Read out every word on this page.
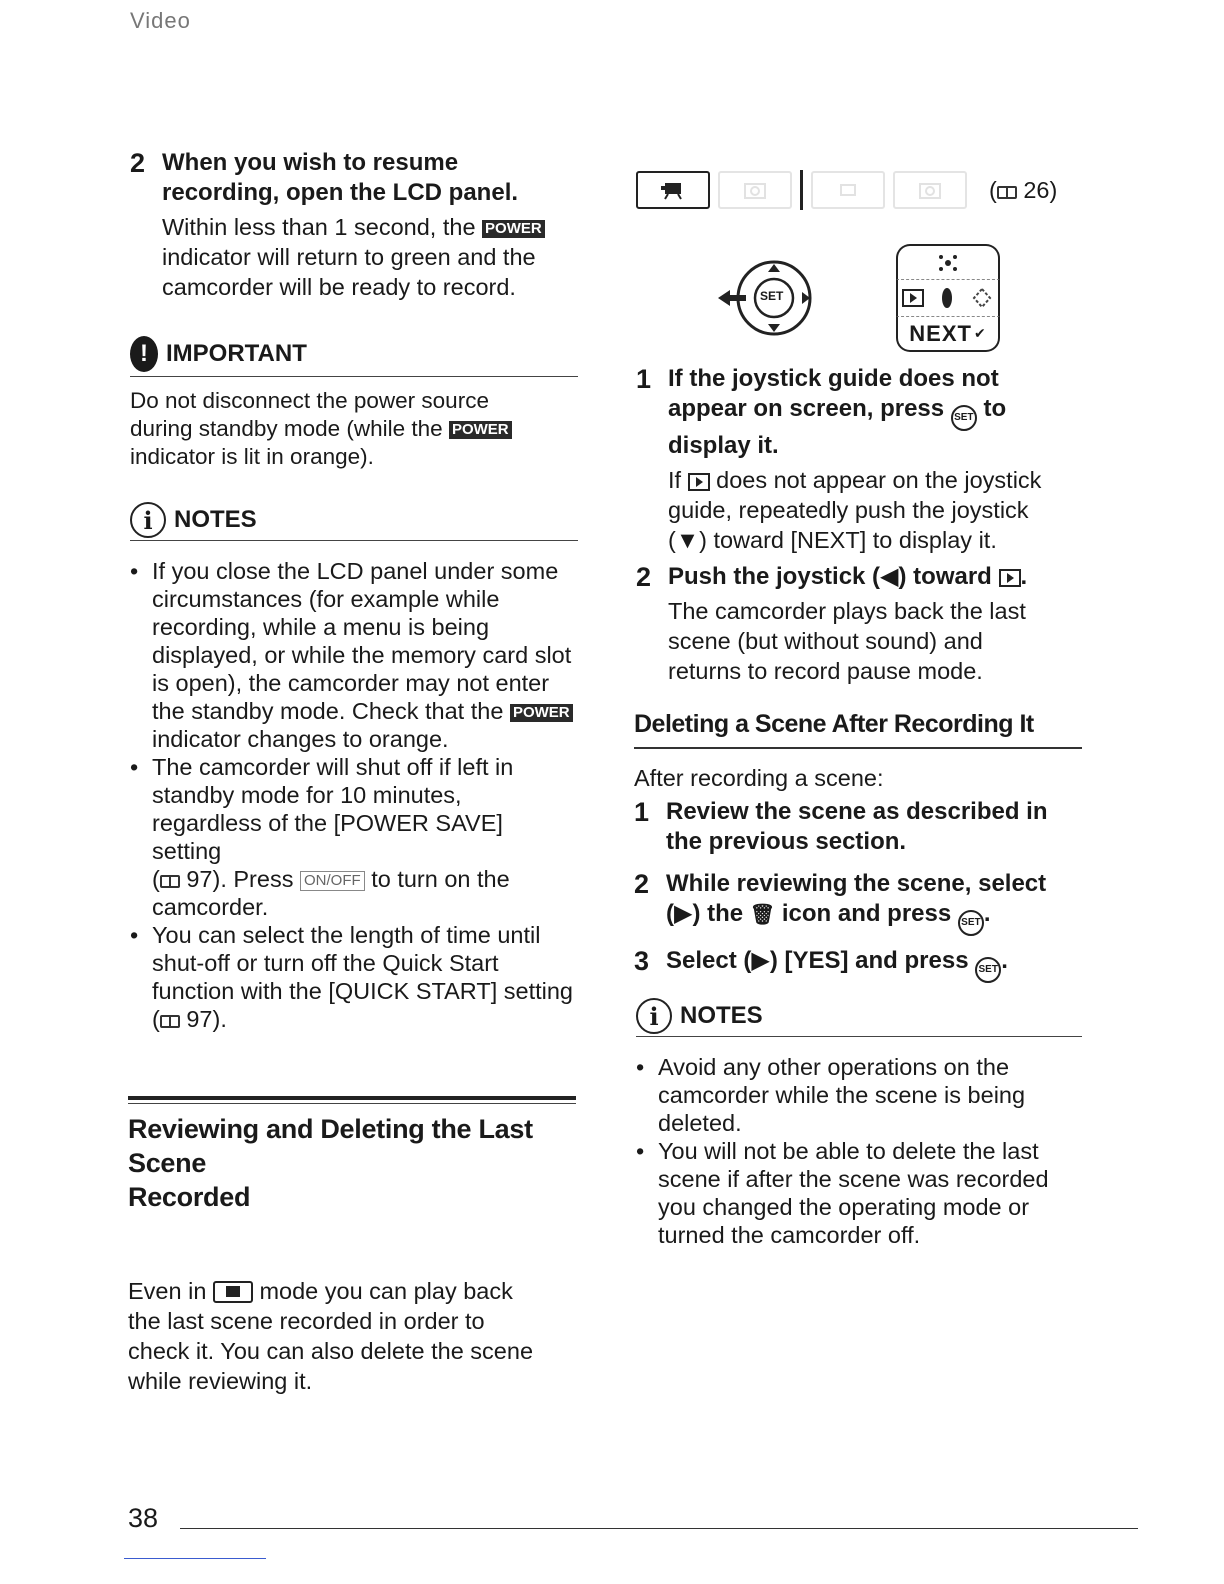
Video
2 When you wish to resume
recording, open the LCD panel.
Within less than 1 second, the POWER
indicator will return to green and the
camcorder will be ready to record.
! IMPORTANT
Do not disconnect the power source
during standby mode (while the POWER
indicator is lit in orange).
i NOTES
• If you close the LCD panel under some
circumstances (for example while
recording, while a menu is being
displayed, or while the memory card slot
is open), the camcorder may not enter
the standby mode. Check that the POWER
indicator changes to orange.
• The camcorder will shut off if left in
standby mode for 10 minutes,
regardless of the [POWER SAVE] setting
( 97). Press ON/OFF to turn on the
camcorder.
• You can select the length of time until
shut-off or turn off the Quick Start
function with the [QUICK START] setting
( 97).
Reviewing and Deleting the Last Scene
Recorded
Even in mode you can play back
the last scene recorded in order to
check it. You can also delete the scene
while reviewing it.
( 26)
SET
NEXT ✔
1 If the joystick guide does not
appear on screen, press SET to
display it.
If does not appear on the joystick
guide, repeatedly push the joystick
(▼) toward [NEXT] to display it.
2 Push the joystick (◀) toward .
The camcorder plays back the last
scene (but without sound) and
returns to record pause mode.
Deleting a Scene After Recording It
After recording a scene:
1 Review the scene as described in
the previous section.
2 While reviewing the scene, select
(▶) the 🗑 icon and press SET .
3 Select (▶) [YES] and press SET .
i NOTES
• Avoid any other operations on the
camcorder while the scene is being
deleted.
• You will not be able to delete the last
scene if after the scene was recorded
you changed the operating mode or
turned the camcorder off.
38
